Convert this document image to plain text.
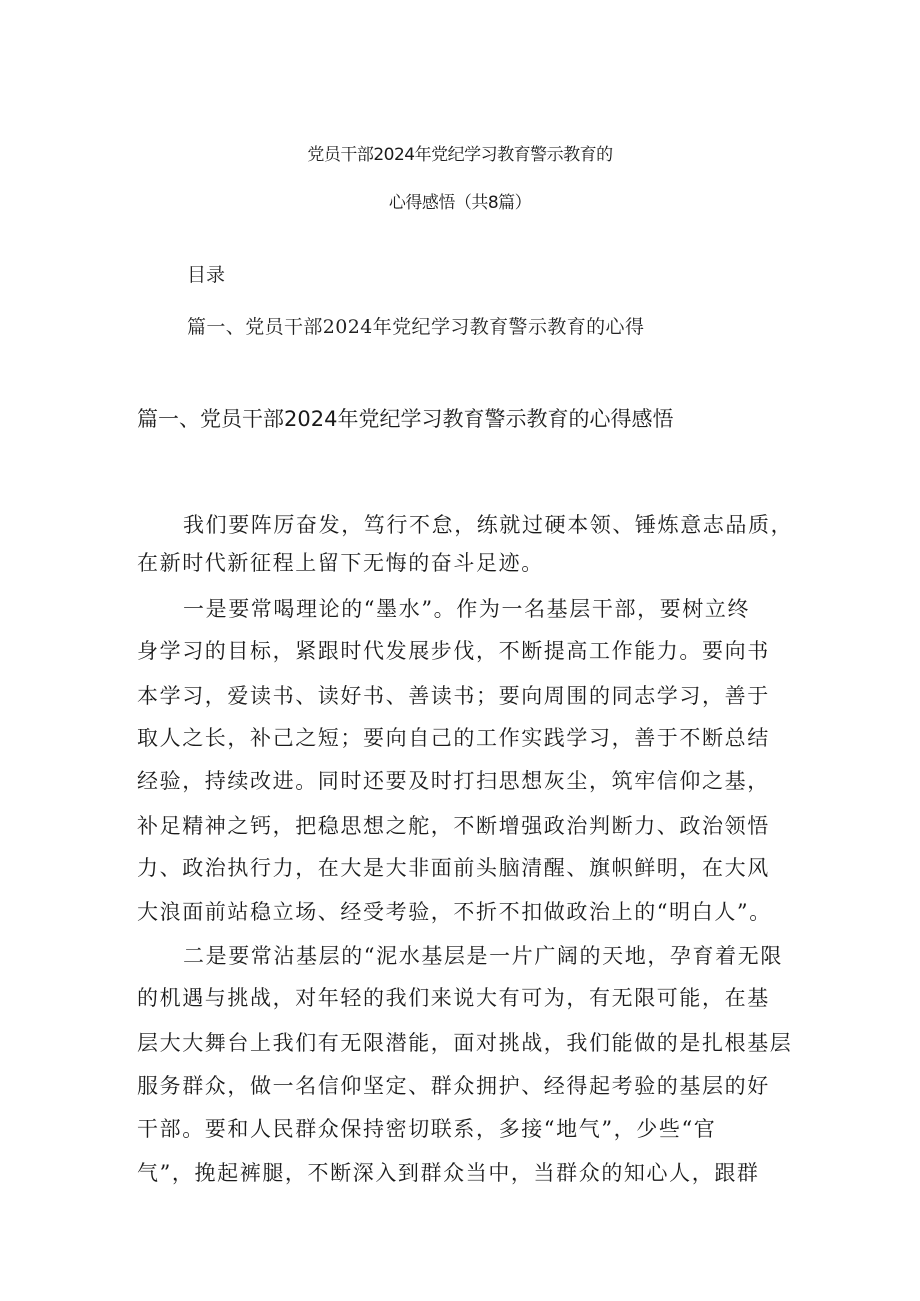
党员干部2024年党纪学习教育警示教育的
心得感悟（共8篇）
目录
篇一、党员干部2024年党纪学习教育警示教育的心得
篇一、党员干部2024年党纪学习教育警示教育的心得感悟
我们要阵厉奋发，笃行不怠，练就过硬本领、锤炼意志品质，
在新时代新征程上留下无悔的奋斗足迹。
一是要常喝理论的“墨水”。作为一名基层干部，要树立终
身学习的目标，紧跟时代发展步伐，不断提高工作能力。要向书
本学习，爱读书、读好书、善读书；要向周围的同志学习，善于
取人之长，补己之短；要向自己的工作实践学习，善于不断总结
经验，持续改进。同时还要及时打扫思想灰尘，筑牢信仰之基，
补足精神之钙，把稳思想之舵，不断增强政治判断力、政治领悟
力、政治执行力，在大是大非面前头脑清醒、旗帜鲜明，在大风
大浪面前站稳立场、经受考验，不折不扣做政治上的“明白人”。
二是要常沾基层的“泥水基层是一片广阔的天地，孕育着无限
的机遇与挑战，对年轻的我们来说大有可为，有无限可能，在基
层大大舞台上我们有无限潜能，面对挑战，我们能做的是扎根基层
服务群众，做一名信仰坚定、群众拥护、经得起考验的基层的好
干部。要和人民群众保持密切联系，多接“地气”，少些“官
气”，挽起裤腿，不断深入到群众当中，当群众的知心人，跟群
